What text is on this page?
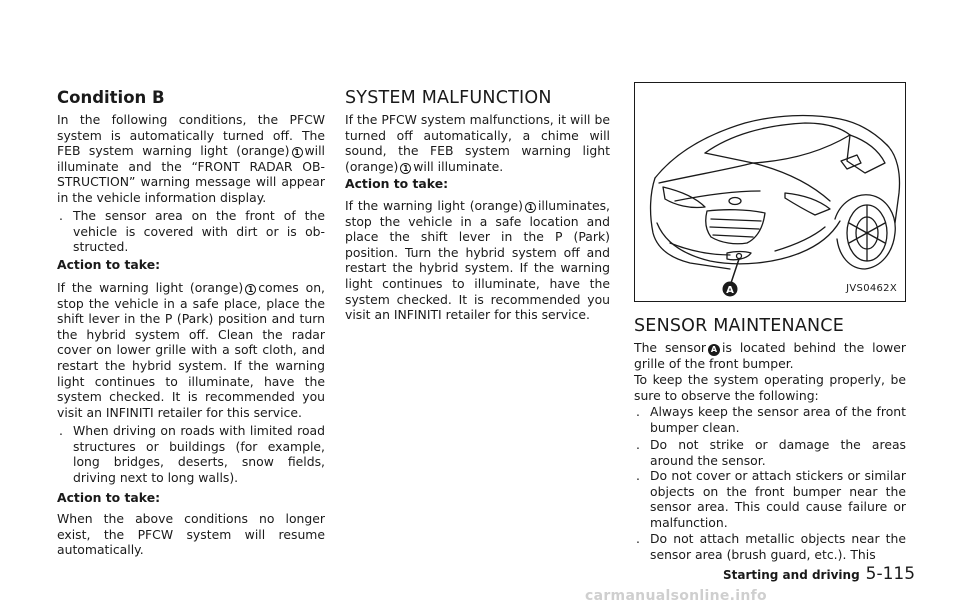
Condition B
In the following conditions, the PFCW system is automatically turned off. The FEB system warning light (orange) 1 will illuminate and the “FRONT RADAR OB-STRUCTION” warning message will appear in the vehicle information display.
. The sensor area on the front of the vehicle is covered with dirt or is ob-structed.
Action to take:
If the warning light (orange) 1 comes on, stop the vehicle in a safe place, place the shift lever in the P (Park) position and turn the hybrid system off. Clean the radar cover on lower grille with a soft cloth, and restart the hybrid system. If the warning light continues to illuminate, have the system checked. It is recommended you visit an INFINITI retailer for this service.
. When driving on roads with limited road structures or buildings (for example, long bridges, deserts, snow fields, driving next to long walls).
Action to take:
When the above conditions no longer exist, the PFCW system will resume automatically.
SYSTEM MALFUNCTION
If the PFCW system malfunctions, it will be turned off automatically, a chime will sound, the FEB system warning light (orange) 1 will illuminate.
Action to take:
If the warning light (orange) 1 illuminates, stop the vehicle in a safe location and place the shift lever in the P (Park) position. Turn the hybrid system off and restart the hybrid system. If the warning light continues to illuminate, have the system checked. It is recommended you visit an INFINITI retailer for this service.
A	JVS0462X
SENSOR MAINTENANCE
The sensor A is located behind the lower grille of the front bumper.
To keep the system operating properly, be sure to observe the following:
. Always keep the sensor area of the front bumper clean.
. Do not strike or damage the areas around the sensor.
. Do not cover or attach stickers or similar objects on the front bumper near the sensor area. This could cause failure or malfunction.
. Do not attach metallic objects near the sensor area (brush guard, etc.). This
Starting and driving 5-115
carmanualsonline.info
